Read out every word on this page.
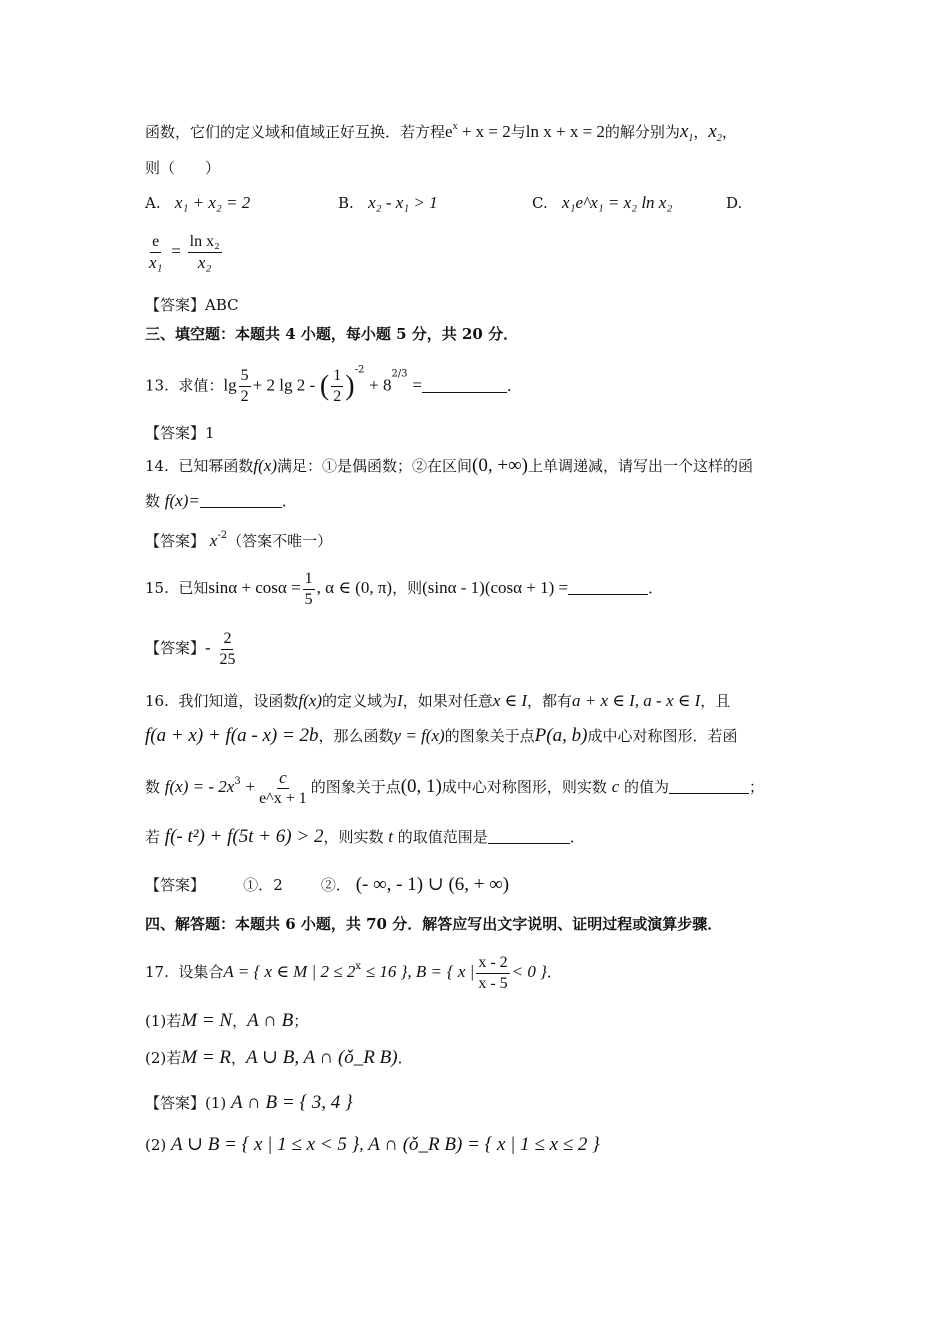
函数，它们的定义域和值域正好互换．若方程$e^x + x = 2$与ln x + x = 2的解分别为$x_1$，$x_2$，
则（　　）
A. x₁ + x₂ = 2	B. x₂ - x₁ > 1	C. x₁e^x₁ = x₂ ln x₂	D.
$\frac{e}{\text{x₁}} = \frac{\text{ln x₂}}{\text{x₂}}$
【答案】ABC
三、填空题：本题共 4 小题，每小题 5 分，共 20 分．
13. 求值：$\lg \frac{5}{2} + 2$ lg 2 - ( $\frac{1}{2} )^{-2} + 8^{2/3}$ =	．
【答案】1
14. 已知幂函数f(x)满足：①是偶函数；②在区间(0, +∞)上单调递减，请写出一个这样的函
数 f(x)=	．
【答案】 $x^{-2}$（答案不唯一）
15. 已知$\sin\alpha + \cos\alpha = \frac{1}{5}$ , α ∈ (0, π)，则(sinα - 1)(cosα + 1) =	．
【答案】- $\frac{2}{25}$
16. 我们知道，设函数f(x)的定义域为I，如果对任意x ∈ I，都有a + x ∈ I, a - x ∈ I，且
f(a + x) + f(a - x) = 2b，那么函数y = f(x)的图象关于点P(a, b)成中心对称图形．若函
数 f(x) = - $2x^3 + \frac{c}{e\^{}x + 1}$ 的图象关于点(0, 1)成中心对称图形，则实数 c 的值为	；
若 f(- t²) + f(5t + 6) > 2，则实数 t 的取值范围是	．
【答案】	①．2	②． (- ∞, - 1) ∪ (6, + ∞)
四、解答题：本题共 6 小题，共 70 分．解答应写出文字说明、证明过程或演算步骤．
17. 设集合A = { x ∈ M | $2 \le 2^x \le 16$ }, B = { x | $\frac{x - 2}{x - 5} < 0$ }．
(1)若M = N，A ∩ B；
(2)若M = R，A ∪ B, A ∩ (ǒ_R B)．
【答案】(1) A ∩ B = { 3, 4 }
(2) A ∪ B = { x | 1 ≤ x < 5 }, A ∩ (ǒ_R B) = { x | 1 ≤ x ≤ 2 }
